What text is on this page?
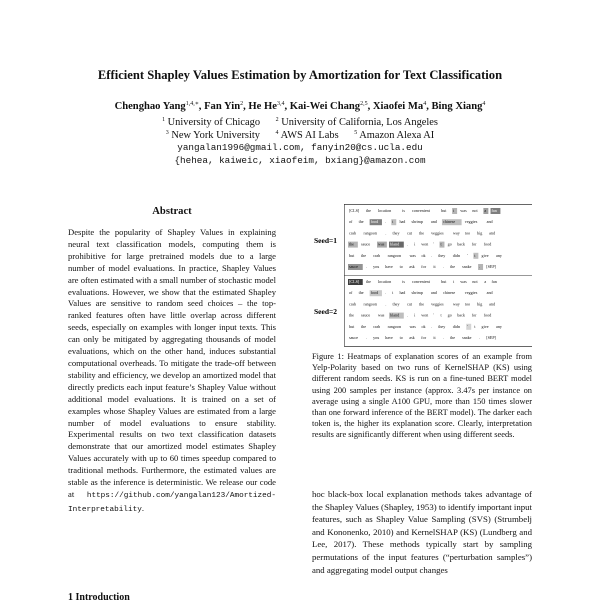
Efficient Shapley Values Estimation by Amortization for Text Classification
Chenghao Yang$^{1,4,∗}$, Fan Yin$^2$, He He$^{3,4}$, Kai-Wei Chang$^{2,5}$, Xiaofei Ma$^4$, Bing Xiang$^4$
$^1$ University of Chicago	$^2$ University of California, Los Angeles
$^3$ New York University	$^4$ AWS AI Labs	$^5$ Amazon Alexa AI
yangalan1996@gmail.com, fanyin20@cs.ucla.edu
{hehea, kaiweic, xiaofeim, bxiang}@amazon.com
Abstract
Despite the popularity of Shapley Values in explaining neural text classification models, computing them is prohibitive for large pretrained models due to a large number of model evaluations. In practice, Shapley Values are often estimated with a small number of stochastic model evaluations. However, we show that the estimated Shapley Values are sensitive to random seed choices – the top-ranked features often have little overlap across different seeds, especially on examples with longer input texts. This can only be mitigated by aggregating thousands of model evaluations, which on the other hand, induces substantial computational overheads. To mitigate the trade-off between stability and efficiency, we develop an amortized model that directly predicts each input feature’s Shapley Value without additional model evaluations. It is trained on a set of examples whose Shapley Values are estimated from a large number of model evaluations to ensure stability. Experimental results on two text classification datasets demonstrate that our amortized model estimates Shapley Values accurately with up to 60 times speedup compared to traditional methods. Furthermore, the estimated values are stable as the inference is deterministic. We release our code at https://github.com/yangalan123/Amortized-Interpretability.
1 Introduction
[CLS] the location	is convenient	but i was not a fan
of the food . i had shrimp and chinese veggies and
crab rangoon . they cut the veggies way too big and
the sauce was bland . i won ' t go back for food
but the crab rangoon was ok . they didn ' t give any
sauce . you have to ask for it . the snake . [SEP]
[CLS] the location	is convenient	but i was not a fan
of the food . i had shrimp and chinese veggies and
crab rangoon . they cut the veggies way too big and
the sauce was bland . i won ' t go back for food
but the crab rangoon was ok . they didn ' t give any
sauce . you have to ask for it . the snake . [SEP]
Seed=1
Seed=2
Figure 1: Heatmaps of explanation scores of an example from Yelp-Polarity based on two runs of KernelSHAP (KS) using different random seeds. KS is run on a fine-tuned BERT model using 200 samples per instance (approx. 3.47s per instance on average using a single A100 GPU, more than 150 times slower than one forward inference of the BERT model). The darker each token is, the higher its explanation score. Clearly, interpretation results are significantly different when using different seeds.
hoc black-box local explanation methods takes advantage of the Shapley Values (Shapley, 1953) to identify important input features, such as Shapley Value Sampling (SVS) (Strumbelj and Kononenko, 2010) and KernelSHAP (KS) (Lundberg and Lee, 2017). These methods typically start by sampling permutations of the input features (“perturbation samples”) and aggregating model output changes
